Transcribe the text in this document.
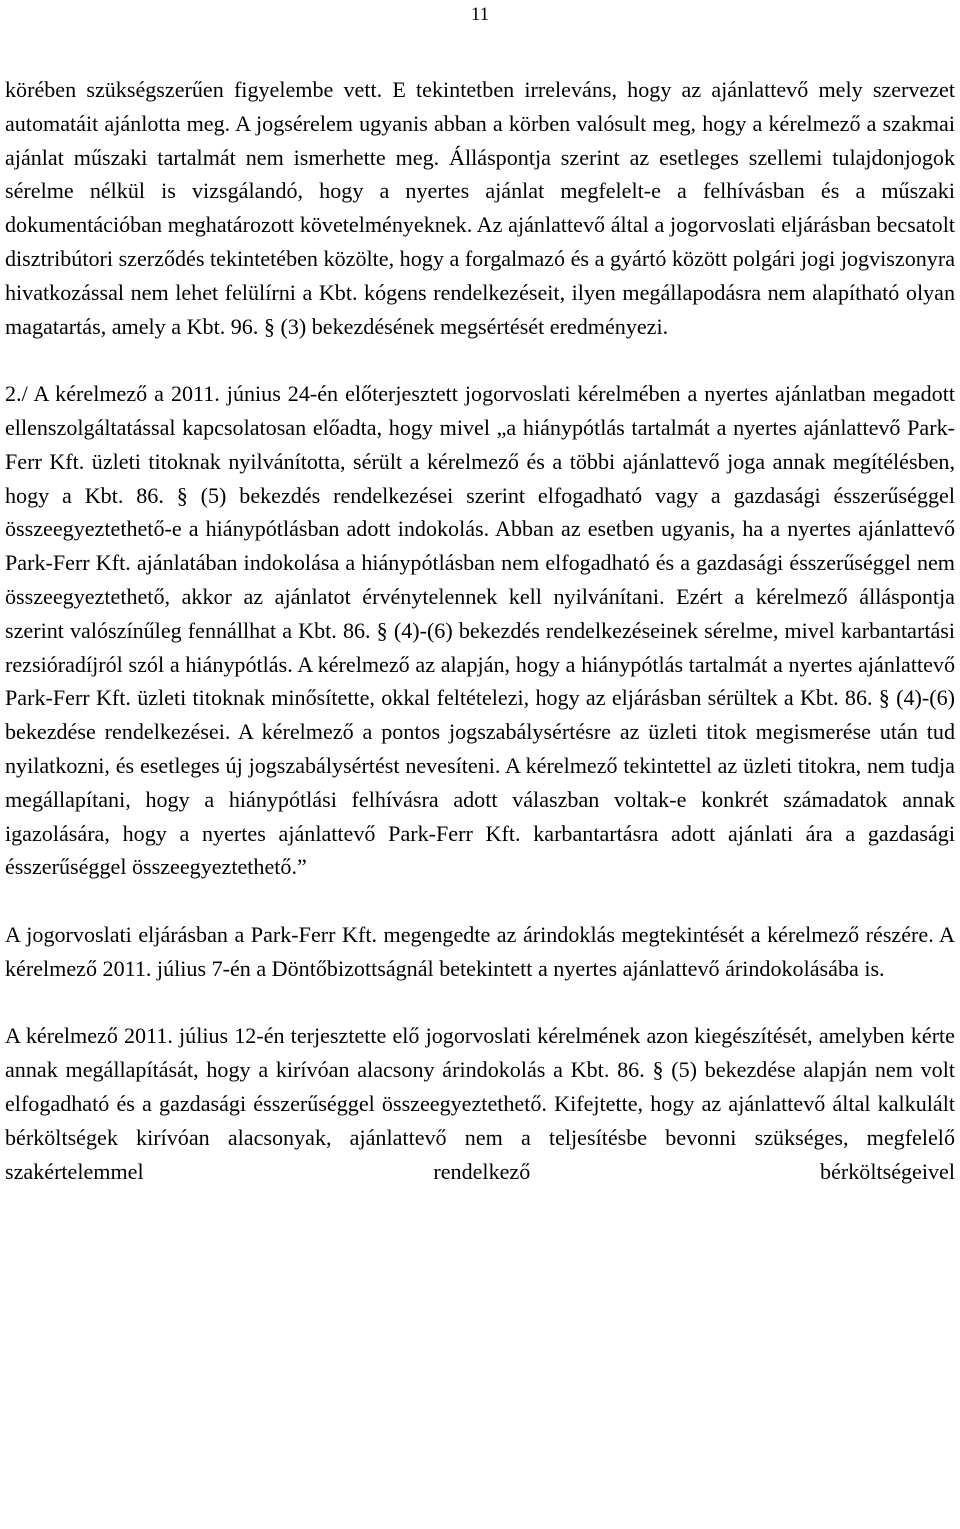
11

körében szükségszerűen figyelembe vett. E tekintetben irreleváns, hogy az ajánlattevő mely szervezet automatáit ajánlotta meg. A jogsérelem ugyanis abban a körben valósult meg, hogy a kérelmező a szakmai ajánlat műszaki tartalmát nem ismerhette meg. Álláspontja szerint az esetleges szellemi tulajdonjogok sérelme nélkül is vizsgálandó, hogy a nyertes ajánlat megfelelt-e a felhívásban és a műszaki dokumentációban meghatározott követelményeknek. Az ajánlattevő által a jogorvoslati eljárásban becsatolt disztribútori szerződés tekintetében közölte, hogy a forgalmazó és a gyártó között polgári jogi jogviszonyra hivatkozással nem lehet felülírni a Kbt. kógens rendelkezéseit, ilyen megállapodásra nem alapítható olyan magatartás, amely a Kbt. 96. § (3) bekezdésének megsértését eredményezi.

2./ A kérelmező a 2011. június 24-én előterjesztett jogorvoslati kérelmében a nyertes ajánlatban megadott ellenszolgáltatással kapcsolatosan előadta, hogy mivel „a hiánypótlás tartalmát a nyertes ajánlattevő Park-Ferr Kft. üzleti titoknak nyilvánította, sérült a kérelmező és a többi ajánlattevő joga annak megítélésben, hogy a Kbt. 86. § (5) bekezdés rendelkezései szerint elfogadható vagy a gazdasági ésszerűséggel összeegyeztethető-e a hiánypótlásban adott indokolás. Abban az esetben ugyanis, ha a nyertes ajánlattevő Park-Ferr Kft. ajánlatában indokolása a hiánypótlásban nem elfogadható és a gazdasági ésszerűséggel nem összeegyeztethető, akkor az ajánlatot érvénytelennek kell nyilvánítani. Ezért a kérelmező álláspontja szerint valószínűleg fennállhat a Kbt. 86. § (4)-(6) bekezdés rendelkezéseinek sérelme, mivel karbantartási rezsióradíjról szól a hiánypótlás. A kérelmező az alapján, hogy a hiánypótlás tartalmát a nyertes ajánlattevő Park-Ferr Kft. üzleti titoknak minősítette, okkal feltételezi, hogy az eljárásban sérültek a Kbt. 86. § (4)-(6) bekezdése rendelkezései. A kérelmező a pontos jogszabálysértésre az üzleti titok megismerése után tud nyilatkozni, és esetleges új jogszabálysértést nevesíteni. A kérelmező tekintettel az üzleti titokra, nem tudja megállapítani, hogy a hiánypótlási felhívásra adott válaszban voltak-e konkrét számadatok annak igazolására, hogy a nyertes ajánlattevő Park-Ferr Kft. karbantartásra adott ajánlati ára a gazdasági ésszerűséggel összeegyeztethető.”

A jogorvoslati eljárásban a Park-Ferr Kft. megengedte az árindoklás megtekintését a kérelmező részére. A kérelmező 2011. július 7-én a Döntőbizottságnál betekintett a nyertes ajánlattevő árindokolásába is.

A kérelmező 2011. július 12-én terjesztette elő jogorvoslati kérelmének azon kiegészítését, amelyben kérte annak megállapítását, hogy a kirívóan alacsony árindokolás a Kbt. 86. § (5) bekezdése alapján nem volt elfogadható és a gazdasági ésszerűséggel összeegyeztethető. Kifejtette, hogy az ajánlattevő által kalkulált bérköltségek kirívóan alacsonyak, ajánlattevő nem a teljesítésbe bevonni szükséges, megfelelő szakértelemmel rendelkező bérköltségeivel
